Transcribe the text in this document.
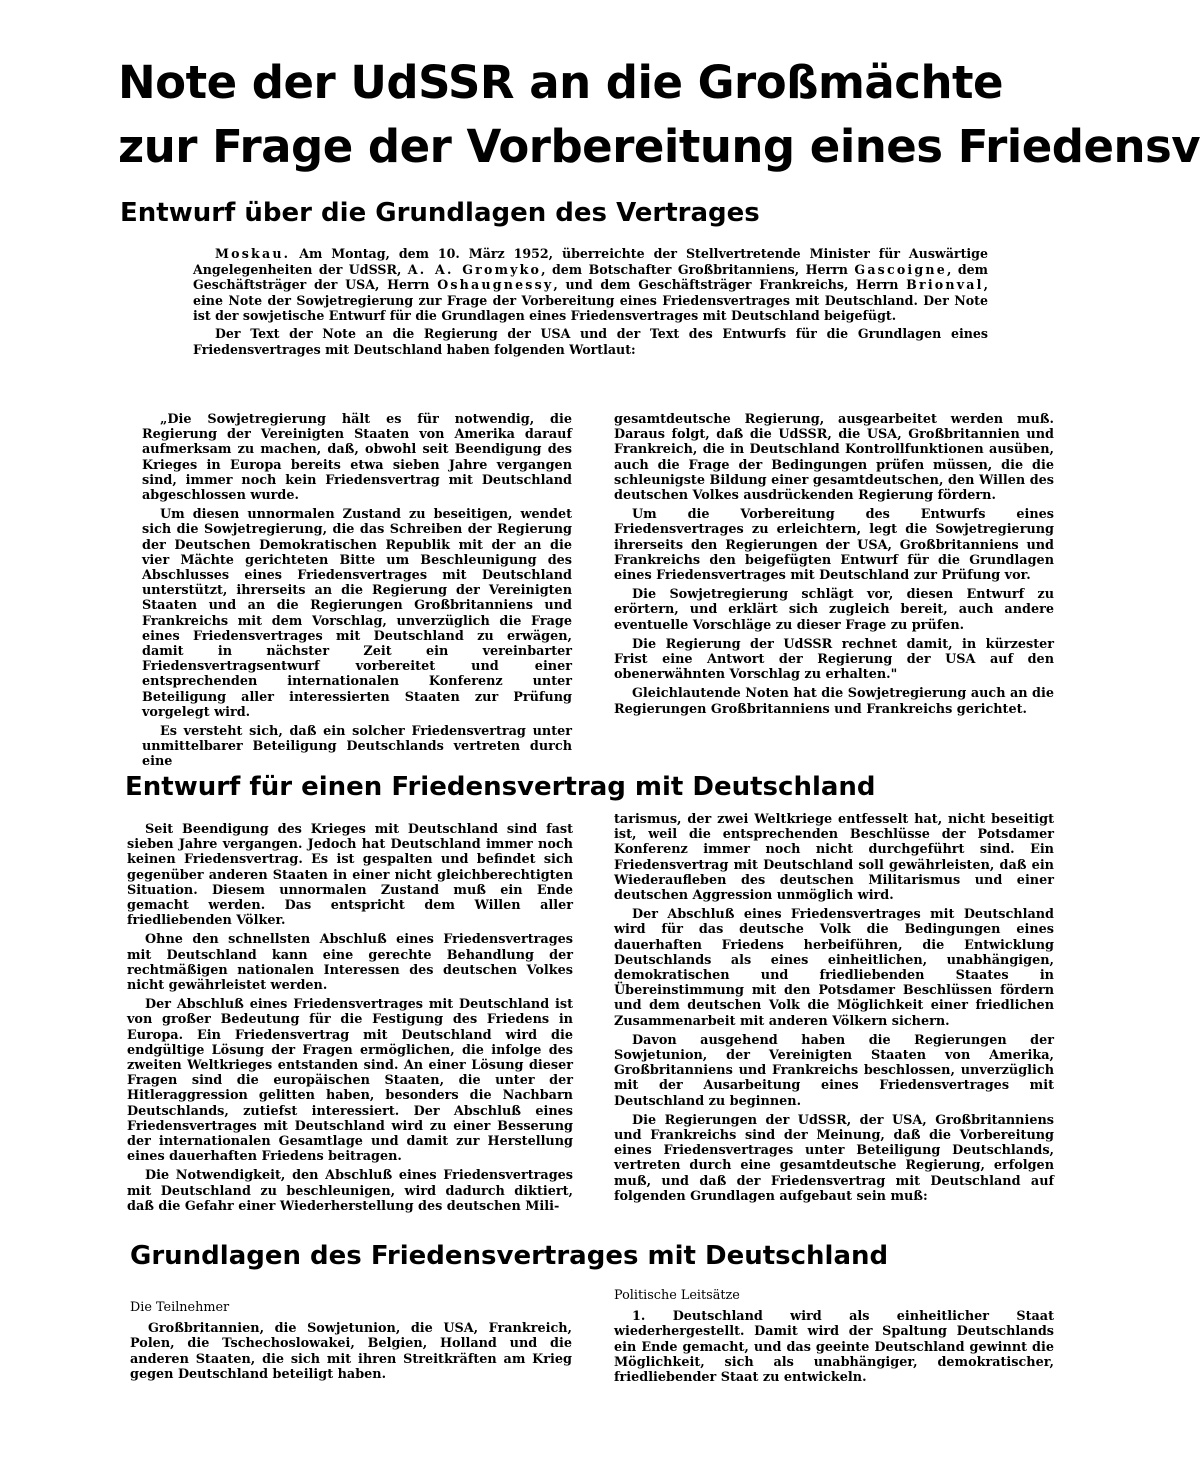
Note der UdSSR an die Großmächte
zur Frage der Vorbereitung eines Friedensv
Entwurf über die Grundlagen des Vertrages

Moskau. Am Montag, dem 10. März 1952, überreichte der Stellvertretende Minister für Auswärtige Angelegenheiten der UdSSR, A. A. Gromyko, dem Botschafter Großbritanniens, Herrn Gascoigne, dem Geschäftsträger der USA, Herrn Oshaugnessy, und dem Geschäftsträger Frankreichs, Herrn Brionval, eine Note der Sowjetregierung zur Frage der Vorbereitung eines Friedensvertrages mit Deutschland. Der Note ist der sowjetische Entwurf für die Grundlagen eines Friedensvertrages mit Deutschland beigefügt.

Der Text der Note an die Regierung der USA und der Text des Entwurfs für die Grundlagen eines Friedensvertrages mit Deutschland haben folgenden Wortlaut:

„Die Sowjetregierung hält es für notwendig, die Regierung der Vereinigten Staaten von Amerika darauf aufmerksam zu machen, daß, obwohl seit Beendigung des Krieges in Europa bereits etwa sieben Jahre vergangen sind, immer noch kein Friedensvertrag mit Deutschland abgeschlossen wurde.

Um diesen unnormalen Zustand zu beseitigen, wendet sich die Sowjetregierung, die das Schreiben der Regierung der Deutschen Demokratischen Republik mit der an die vier Mächte gerichteten Bitte um Beschleunigung des Abschlusses eines Friedensvertrages mit Deutschland unterstützt, ihrerseits an die Regierung der Vereinigten Staaten und an die Regierungen Großbritanniens und Frankreichs mit dem Vorschlag, unverzüglich die Frage eines Friedensvertrages mit Deutschland zu erwägen, damit in nächster Zeit ein vereinbarter Friedensvertragsentwurf vorbereitet und einer entsprechenden internationalen Konferenz unter Beteiligung aller interessierten Staaten zur Prüfung vorgelegt wird.

Es versteht sich, daß ein solcher Friedensvertrag unter unmittelbarer Beteiligung Deutschlands vertreten durch eine

gesamtdeutsche Regierung, ausgearbeitet werden muß. Daraus folgt, daß die UdSSR, die USA, Großbritannien und Frankreich, die in Deutschland Kontrollfunktionen ausüben, auch die Frage der Bedingungen prüfen müssen, die die schleunigste Bildung einer gesamtdeutschen, den Willen des deutschen Volkes ausdrückenden Regierung fördern.

Um die Vorbereitung des Entwurfs eines Friedensvertrages zu erleichtern, legt die Sowjetregierung ihrerseits den Regierungen der USA, Großbritanniens und Frankreichs den beigefügten Entwurf für die Grundlagen eines Friedensvertrages mit Deutschland zur Prüfung vor.

Die Sowjetregierung schlägt vor, diesen Entwurf zu erörtern, und erklärt sich zugleich bereit, auch andere eventuelle Vorschläge zu dieser Frage zu prüfen.

Die Regierung der UdSSR rechnet damit, in kürzester Frist eine Antwort der Regierung der USA auf den obenerwähnten Vorschlag zu erhalten."

Gleichlautende Noten hat die Sowjetregierung auch an die Regierungen Großbritanniens und Frankreichs gerichtet.

Entwurf für einen Friedensvertrag mit Deutschland

Seit Beendigung des Krieges mit Deutschland sind fast sieben Jahre vergangen. Jedoch hat Deutschland immer noch keinen Friedensvertrag. Es ist gespalten und befindet sich gegenüber anderen Staaten in einer nicht gleichberechtigten Situation. Diesem unnormalen Zustand muß ein Ende gemacht werden. Das entspricht dem Willen aller friedliebenden Völker.

Ohne den schnellsten Abschluß eines Friedensvertrages mit Deutschland kann eine gerechte Behandlung der rechtmäßigen nationalen Interessen des deutschen Volkes nicht gewährleistet werden.

Der Abschluß eines Friedensvertrages mit Deutschland ist von großer Bedeutung für die Festigung des Friedens in Europa. Ein Friedensvertrag mit Deutschland wird die endgültige Lösung der Fragen ermöglichen, die infolge des zweiten Weltkrieges entstanden sind. An einer Lösung dieser Fragen sind die europäischen Staaten, die unter der Hitleraggression gelitten haben, besonders die Nachbarn Deutschlands, zutiefst interessiert. Der Abschluß eines Friedensvertrages mit Deutschland wird zu einer Besserung der internationalen Gesamtlage und damit zur Herstellung eines dauerhaften Friedens beitragen.

Die Notwendigkeit, den Abschluß eines Friedensvertrages mit Deutschland zu beschleunigen, wird dadurch diktiert, daß die Gefahr einer Wiederherstellung des deutschen Mili-

tarismus, der zwei Weltkriege entfesselt hat, nicht beseitigt ist, weil die entsprechenden Beschlüsse der Potsdamer Konferenz immer noch nicht durchgeführt sind. Ein Friedensvertrag mit Deutschland soll gewährleisten, daß ein Wiederaufleben des deutschen Militarismus und einer deutschen Aggression unmöglich wird.

Der Abschluß eines Friedensvertrages mit Deutschland wird für das deutsche Volk die Bedingungen eines dauerhaften Friedens herbeiführen, die Entwicklung Deutschlands als eines einheitlichen, unabhängigen, demokratischen und friedliebenden Staates in Übereinstimmung mit den Potsdamer Beschlüssen fördern und dem deutschen Volk die Möglichkeit einer friedlichen Zusammenarbeit mit anderen Völkern sichern.

Davon ausgehend haben die Regierungen der Sowjetunion, der Vereinigten Staaten von Amerika, Großbritanniens und Frankreichs beschlossen, unverzüglich mit der Ausarbeitung eines Friedensvertrages mit Deutschland zu beginnen.

Die Regierungen der UdSSR, der USA, Großbritanniens und Frankreichs sind der Meinung, daß die Vorbereitung eines Friedensvertrages unter Beteiligung Deutschlands, vertreten durch eine gesamtdeutsche Regierung, erfolgen muß, und daß der Friedensvertrag mit Deutschland auf folgenden Grundlagen aufgebaut sein muß:

Grundlagen des Friedensvertrages mit Deutschland

Die Teilnehmer

Großbritannien, die Sowjetunion, die USA, Frankreich, Polen, die Tschechoslowakei, Belgien, Holland und die anderen Staaten, die sich mit ihren Streitkräften am Krieg gegen Deutschland beteiligt haben.

Politische Leitsätze

1. Deutschland wird als einheitlicher Staat wiederhergestellt. Damit wird der Spaltung Deutschlands ein Ende gemacht, und das geeinte Deutschland gewinnt die Möglichkeit, sich als unabhängiger, demokratischer, friedliebender Staat zu entwickeln.
